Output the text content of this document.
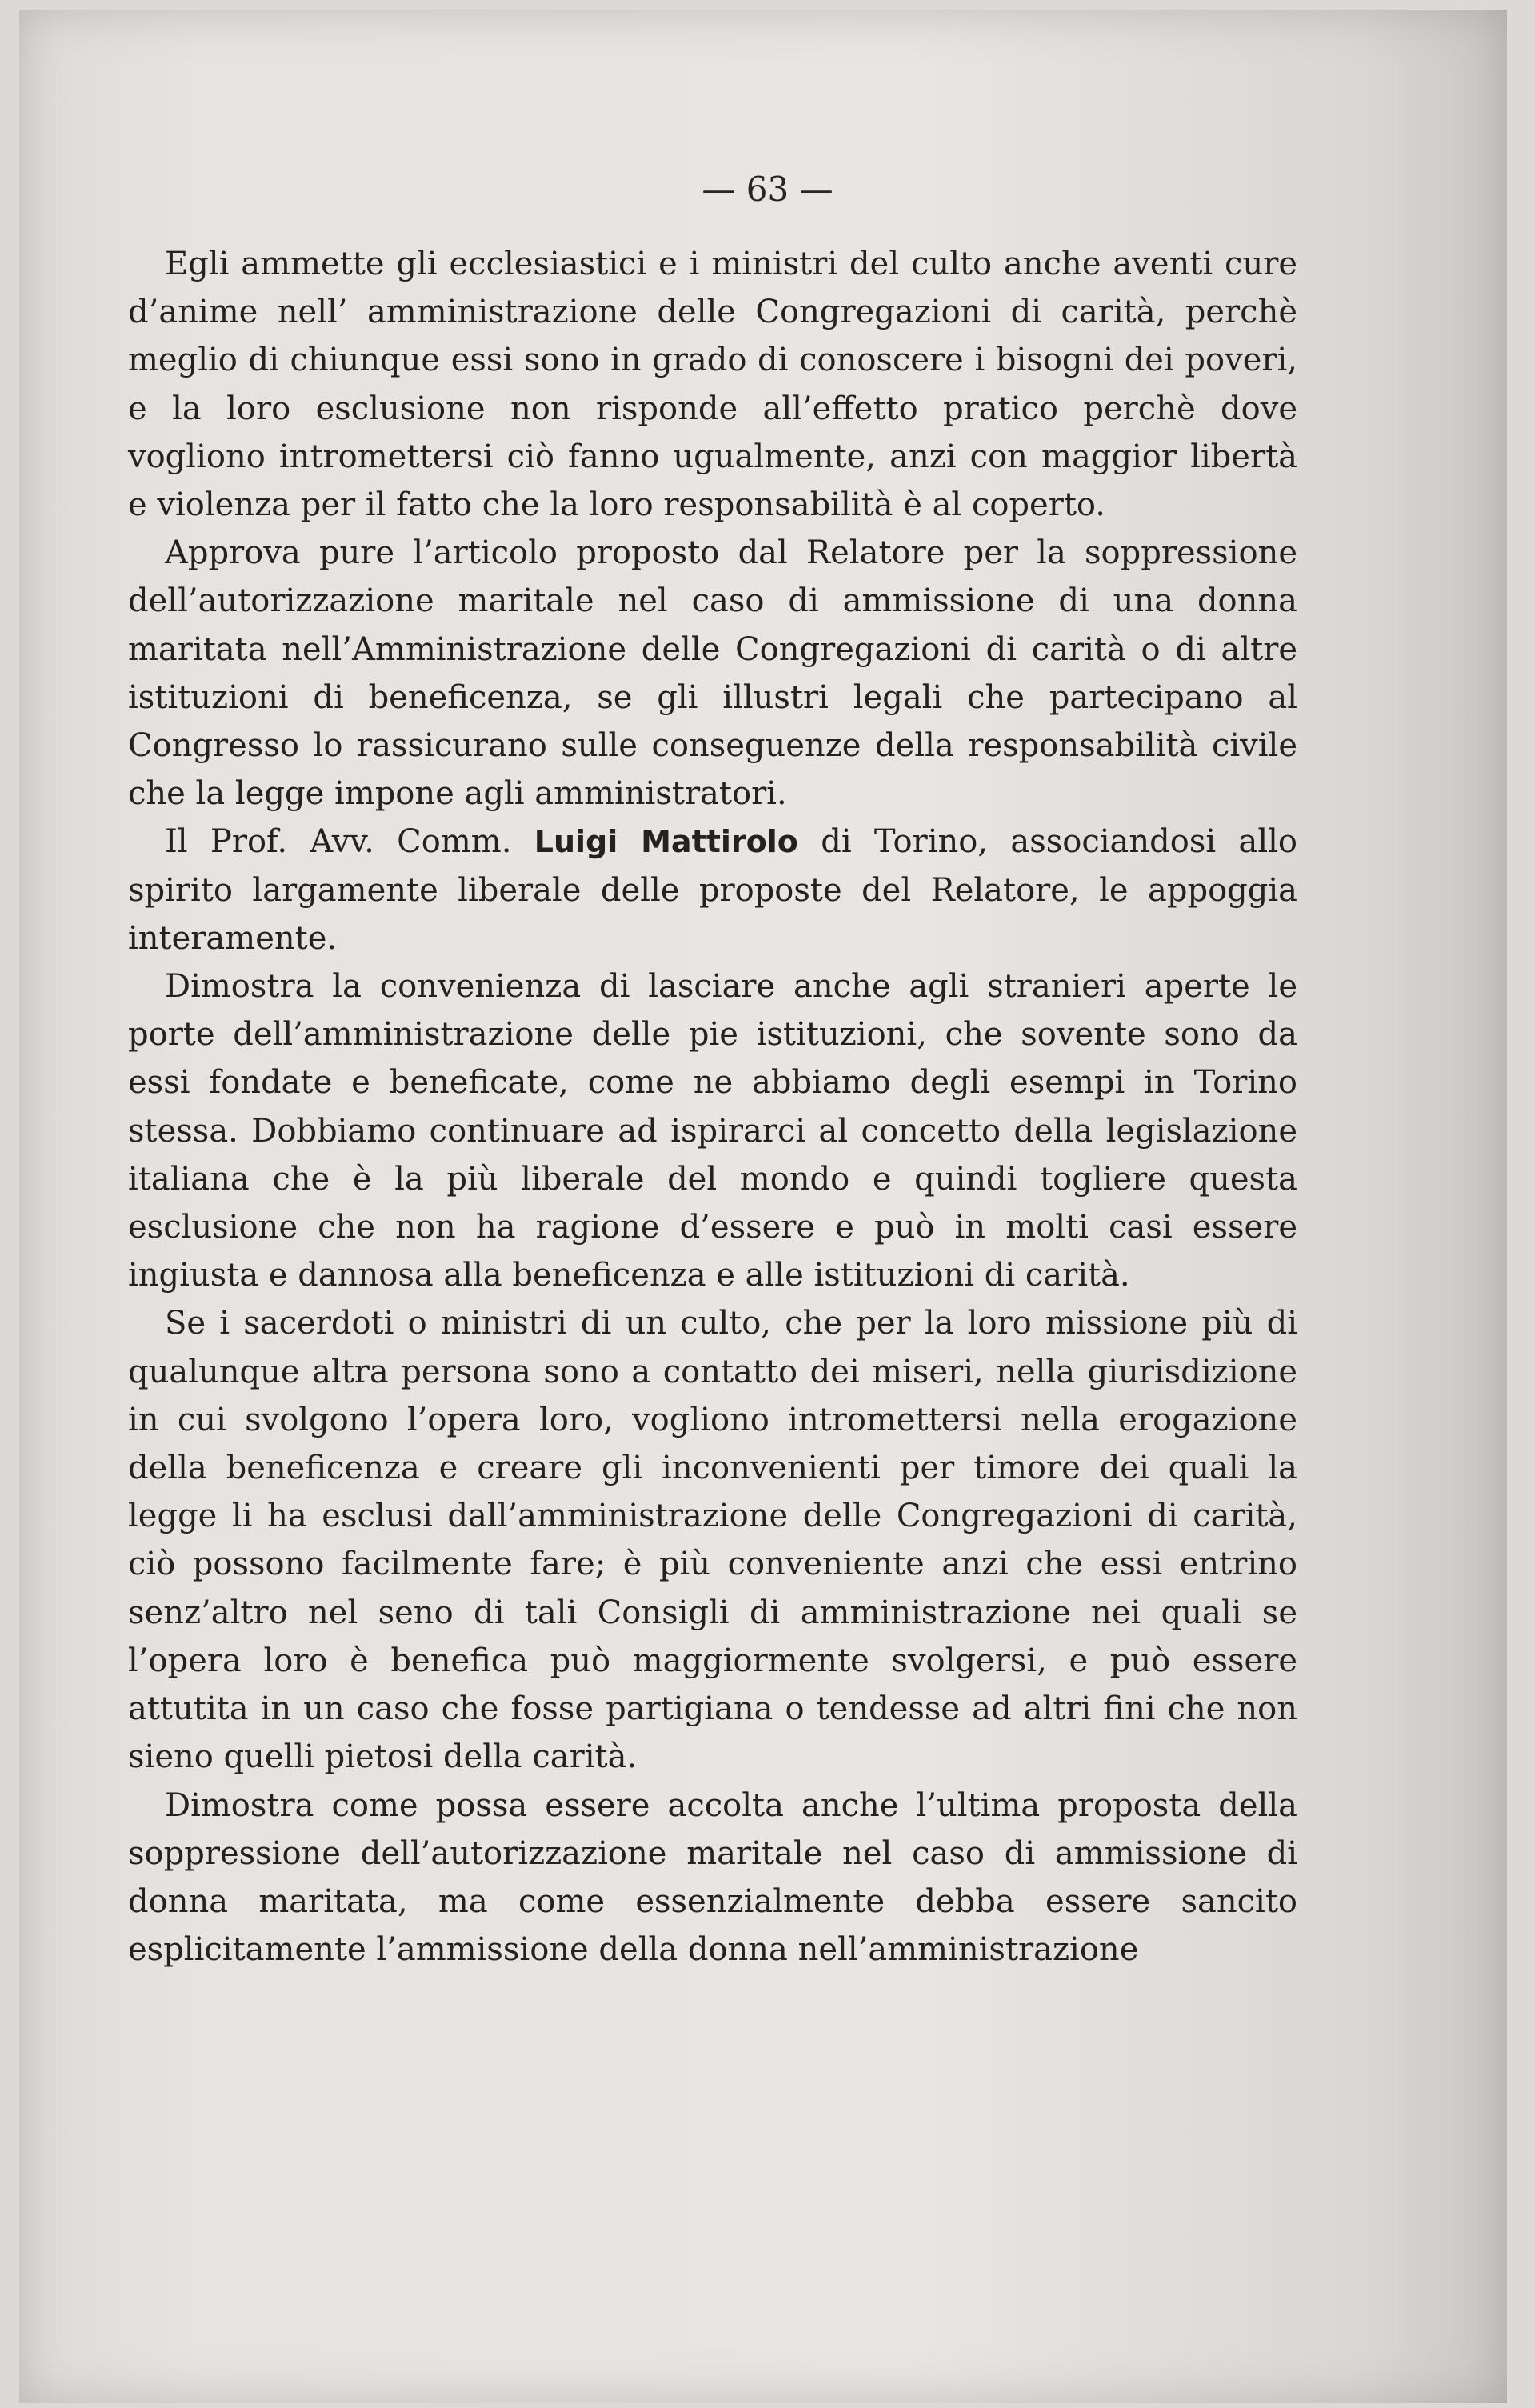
— 63 —

Egli ammette gli ecclesiastici e i ministri del culto anche aventi cure d’anime nell’ amministrazione delle Congregazioni di carità, perchè meglio di chiunque essi sono in grado di conoscere i bisogni dei poveri, e la loro esclusione non risponde all’effetto pratico perchè dove vogliono intromettersi ciò fanno ugualmente, anzi con maggior libertà e violenza per il fatto che la loro responsabilità è al coperto.

Approva pure l’articolo proposto dal Relatore per la soppressione dell’autorizzazione maritale nel caso di ammissione di una donna maritata nell’Amministrazione delle Congregazioni di carità o di altre istituzioni di beneficenza, se gli illustri legali che partecipano al Congresso lo rassicurano sulle conseguenze della responsabilità civile che la legge impone agli amministratori.

Il Prof. Avv. Comm. Luigi Mattirolo di Torino, associandosi allo spirito largamente liberale delle proposte del Relatore, le appoggia interamente.

Dimostra la convenienza di lasciare anche agli stranieri aperte le porte dell’amministrazione delle pie istituzioni, che sovente sono da essi fondate e beneficate, come ne abbiamo degli esempi in Torino stessa. Dobbiamo continuare ad ispirarci al concetto della legislazione italiana che è la più liberale del mondo e quindi togliere questa esclusione che non ha ragione d’essere e può in molti casi essere ingiusta e dannosa alla beneficenza e alle istituzioni di carità.

Se i sacerdoti o ministri di un culto, che per la loro missione più di qualunque altra persona sono a contatto dei miseri, nella giurisdizione in cui svolgono l’opera loro, vogliono intromettersi nella erogazione della beneficenza e creare gli inconvenienti per timore dei quali la legge li ha esclusi dall’amministrazione delle Congregazioni di carità, ciò possono facilmente fare; è più conveniente anzi che essi entrino senz’altro nel seno di tali Consigli di amministrazione nei quali se l’opera loro è benefica può maggiormente svolgersi, e può essere attutita in un caso che fosse partigiana o tendesse ad altri fini che non sieno quelli pietosi della carità.

Dimostra come possa essere accolta anche l’ultima proposta della soppressione dell’autorizzazione maritale nel caso di ammissione di donna maritata, ma come essenzialmente debba essere sancito esplicitamente l’ammissione della donna nell’amministrazione
